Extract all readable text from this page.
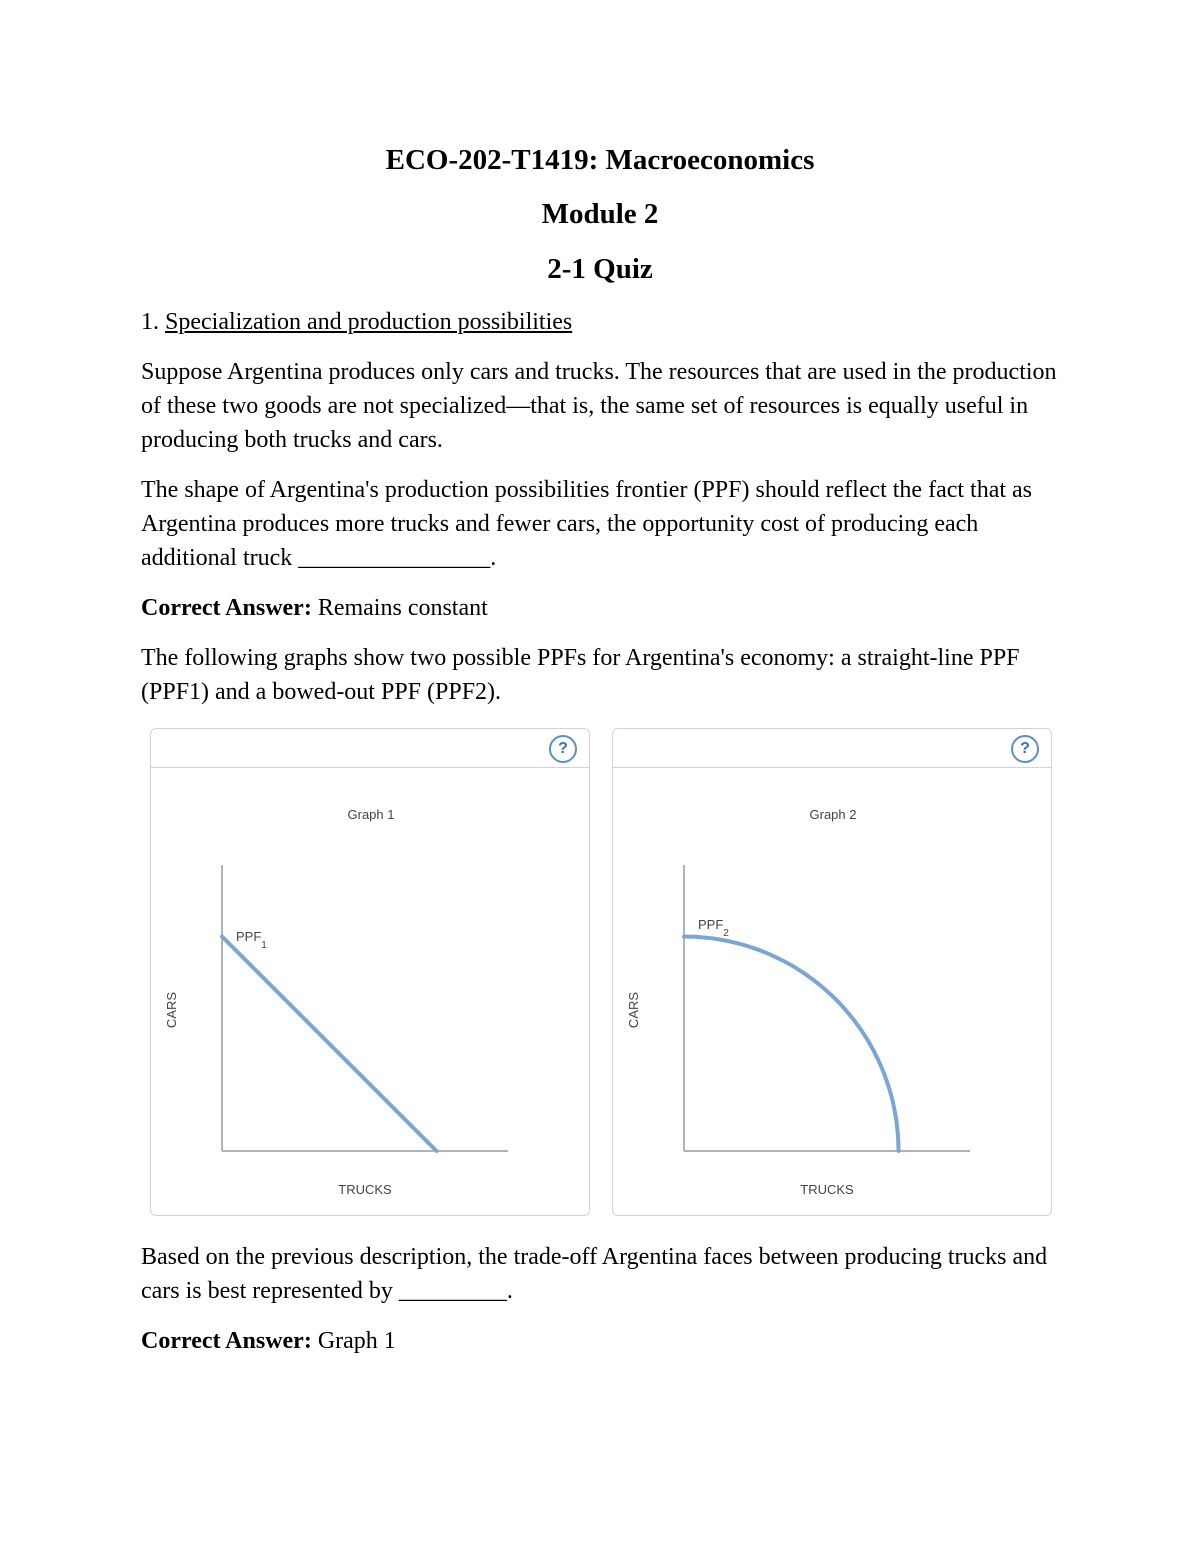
ECO-202-T1419: Macroeconomics
Module 2
2-1 Quiz
1. Specialization and production possibilities
Suppose Argentina produces only cars and trucks. The resources that are used in the production of these two goods are not specialized—that is, the same set of resources is equally useful in producing both trucks and cars.
The shape of Argentina's production possibilities frontier (PPF) should reflect the fact that as Argentina produces more trucks and fewer cars, the opportunity cost of producing each additional truck ________________.
Correct Answer: Remains constant
The following graphs show two possible PPFs for Argentina's economy: a straight-line PPF (PPF1) and a bowed-out PPF (PPF2).
?
Graph 1
TRUCKS
CARS
$PPF_1$
?
Graph 2
TRUCKS
CARS
$PPF_2$
Based on the previous description, the trade-off Argentina faces between producing trucks and cars is best represented by _________.
Correct Answer: Graph 1
